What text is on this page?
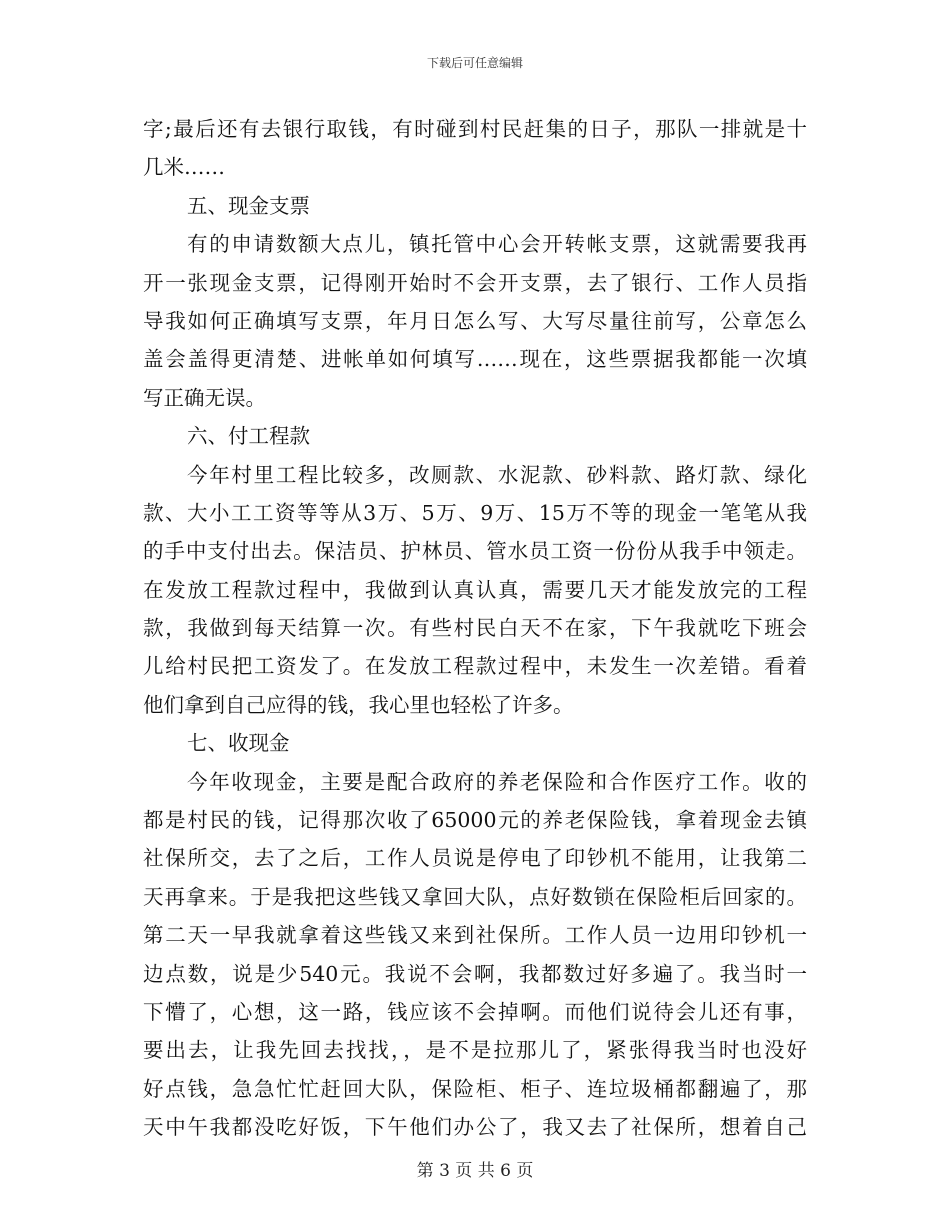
下载后可任意编辑
字;最后还有去银行取钱，有时碰到村民赶集的日子，那队一排就是十
几米……
五、现金支票
有的申请数额大点儿，镇托管中心会开转帐支票，这就需要我再
开一张现金支票，记得刚开始时不会开支票，去了银行、工作人员指
导我如何正确填写支票，年月日怎么写、大写尽量往前写，公章怎么
盖会盖得更清楚、进帐单如何填写……现在，这些票据我都能一次填
写正确无误。
六、付工程款
今年村里工程比较多，改厕款、水泥款、砂料款、路灯款、绿化
款、大小工工资等等从3万、5万、9万、15万不等的现金一笔笔从我
的手中支付出去。保洁员、护林员、管水员工资一份份从我手中领走。
在发放工程款过程中，我做到认真认真，需要几天才能发放完的工程
款，我做到每天结算一次。有些村民白天不在家，下午我就吃下班会
儿给村民把工资发了。在发放工程款过程中，未发生一次差错。看着
他们拿到自己应得的钱，我心里也轻松了许多。
七、收现金
今年收现金，主要是配合政府的养老保险和合作医疗工作。收的
都是村民的钱，记得那次收了65000元的养老保险钱，拿着现金去镇
社保所交，去了之后，工作人员说是停电了印钞机不能用，让我第二
天再拿来。于是我把这些钱又拿回大队，点好数锁在保险柜后回家的。
第二天一早我就拿着这些钱又来到社保所。工作人员一边用印钞机一
边点数，说是少540元。我说不会啊，我都数过好多遍了。我当时一
下懵了，心想，这一路，钱应该不会掉啊。而他们说待会儿还有事，
要出去，让我先回去找找，，是不是拉那儿了，紧张得我当时也没好
好点钱，急急忙忙赶回大队，保险柜、柜子、连垃圾桶都翻遍了，那
天中午我都没吃好饭，下午他们办公了，我又去了社保所，想着自己
第 3 页 共 6 页
